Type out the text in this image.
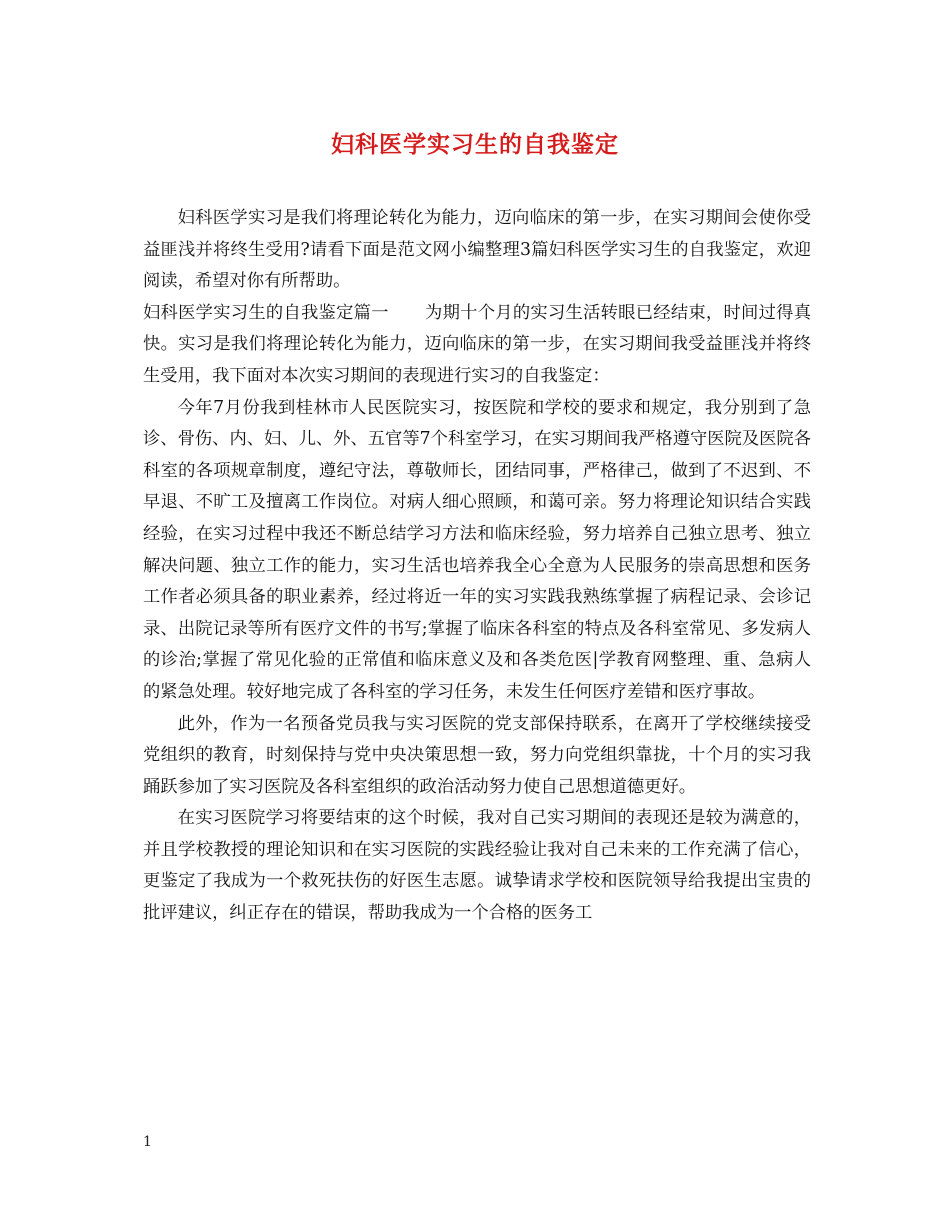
妇科医学实习生的自我鉴定

妇科医学实习是我们将理论转化为能力，迈向临床的第一步，在实习期间会使你受益匪浅并将终生受用?请看下面是范文网小编整理3篇妇科医学实习生的自我鉴定，欢迎阅读，希望对你有所帮助。

妇科医学实习生的自我鉴定篇一 为期十个月的实习生活转眼已经结束，时间过得真快。实习是我们将理论转化为能力，迈向临床的第一步，在实习期间我受益匪浅并将终生受用，我下面对本次实习期间的表现进行实习的自我鉴定：

今年7月份我到桂林市人民医院实习，按医院和学校的要求和规定，我分别到了急诊、骨伤、内、妇、儿、外、五官等7个科室学习，在实习期间我严格遵守医院及医院各科室的各项规章制度，遵纪守法，尊敬师长，团结同事，严格律己，做到了不迟到、不早退、不旷工及擅离工作岗位。对病人细心照顾，和蔼可亲。努力将理论知识结合实践经验，在实习过程中我还不断总结学习方法和临床经验，努力培养自己独立思考、独立解决问题、独立工作的能力，实习生活也培养我全心全意为人民服务的崇高思想和医务工作者必须具备的职业素养，经过将近一年的实习实践我熟练掌握了病程记录、会诊记录、出院记录等所有医疗文件的书写;掌握了临床各科室的特点及各科室常见、多发病人的诊治;掌握了常见化验的正常值和临床意义及和各类危医|学教育网整理、重、急病人的紧急处理。较好地完成了各科室的学习任务，未发生任何医疗差错和医疗事故。

此外，作为一名预备党员我与实习医院的党支部保持联系，在离开了学校继续接受党组织的教育，时刻保持与党中央决策思想一致，努力向党组织靠拢，十个月的实习我踊跃参加了实习医院及各科室组织的政治活动努力使自己思想道德更好。

在实习医院学习将要结束的这个时候，我对自己实习期间的表现还是较为满意的，并且学校教授的理论知识和在实习医院的实践经验让我对自己未来的工作充满了信心，更鉴定了我成为一个救死扶伤的好医生志愿。诚挚请求学校和医院领导给我提出宝贵的批评建议，纠正存在的错误，帮助我成为一个合格的医务工

1
